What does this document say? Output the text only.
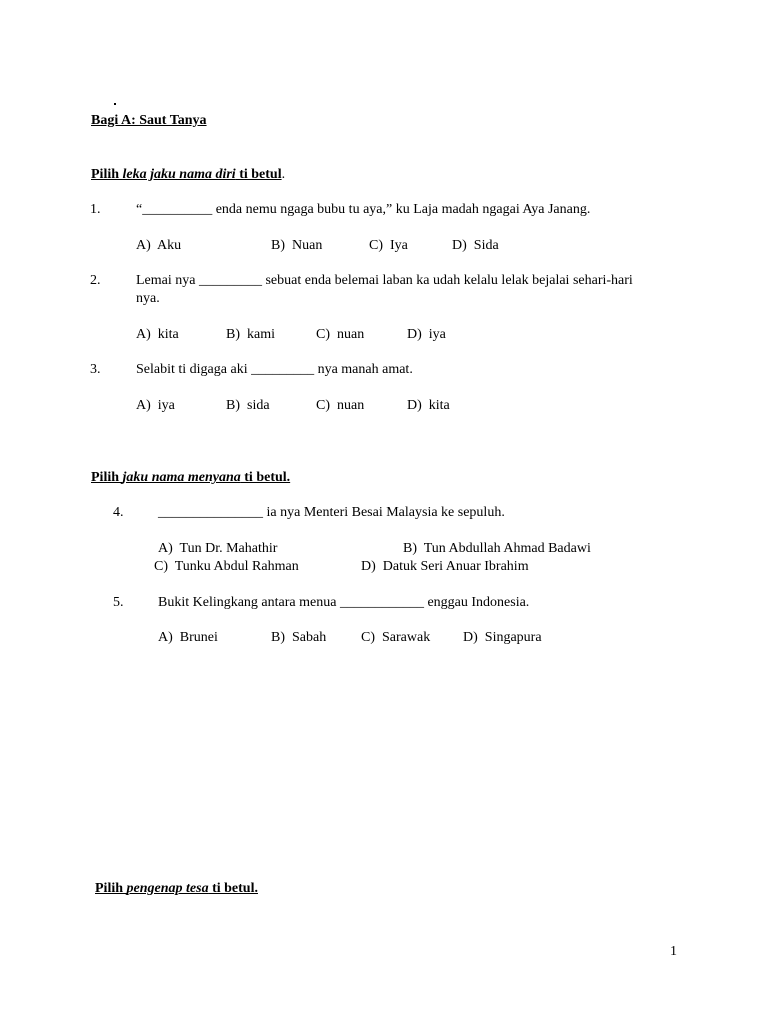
Bagi A: Saut Tanya
Pilih leka jaku nama diri ti betul.
1.	“__________ enda nemu ngaga bubu tu aya,” ku Laja madah ngagai Aya Janang.
A) Aku	B) Nuan	C) Iya	D) Sida
2.	Lemai nya _________ sebuat enda belemai laban ka udah kelalu lelak bejalai sehari-hari
nya.
A) kita	B) kami	C) nuan	D) iya
3.	Selabit ti digaga aki _________ nya manah amat.
A) iya	B) sida	C) nuan	D) kita
Pilih jaku nama menyana ti betul.
4. _______________ ia nya Menteri Besai Malaysia ke sepuluh.
A) Tun Dr. Mahathir	B) Tun Abdullah Ahmad Badawi
C) Tunku Abdul Rahman	D) Datuk Seri Anuar Ibrahim
5. Bukit Kelingkang antara menua ____________ enggau Indonesia.
A) Brunei	B) Sabah C) Sarawak D) Singapura
Pilih pengenap tesa ti betul.
1
